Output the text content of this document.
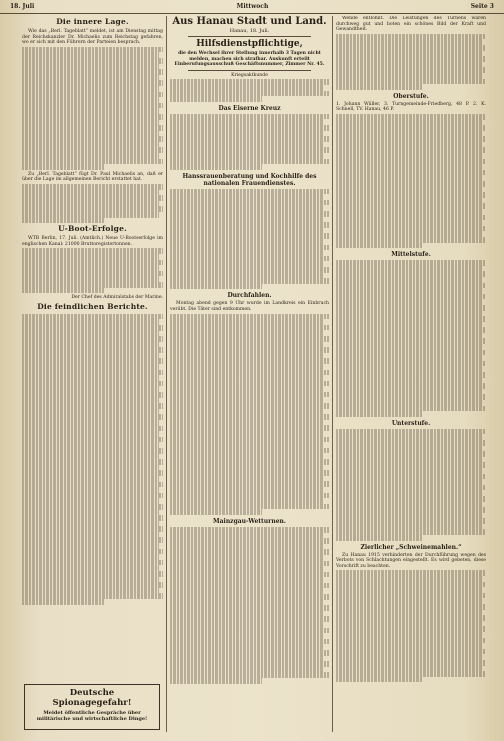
18. Juli	Mittwoch	Seite 3
Die innere Lage.

Wie das „Berl. Tageblatt“ meldet, ist am Dienstag mittag der Reichskanzler Dr. Michaelis zum Reichstag gefahren, wo er sich mit den Führern der Parteien besprach.

Zu „Berl. Tageblatt“ fügt Dr. Paul Michaelis an, daß er über die Lage im allgemeinen Bericht erstattet hat.

U-Boot-Erfolge.

WTB Berlin, 17. Juli. (Amtlich.) Neue U-Bootserfolge im englischen Kanal: 21000 Bruttoregistertonnen.

Der Chef des Admiralstabs der Marine.

Die feindlichen Berichte.
Deutsche Spionagegefahr!
Meidet öffentliche Gespräche über militärische und wirtschaftliche Dinge!
Aus Hanau Stadt und Land.
Hanau, 18. Juli.
Hilfsdienstpflichtige,

die den Wechsel ihrer Stellung innerhalb 3 Tagen nicht melden, machen sich strafbar. Auskunft erteilt Einberufungsausschuß Geschäftsnummer, Zimmer Nr. 45.

Kriegsaktkunde
Das Eiserne Kreuz
Hanssrauenberatung und Kochhilfe des nationalen Frauendienstes.
Durchfahlen.

Montag abend gegen 9 Uhr wurde im Landkreis ein Einbruch verübt. Die Täter sind entkommen.

Mainzgau-Wetturnen.

Wende entlohnt. Die Leistungen des Turnens waren durchweg gut und boten ein schönes Bild der Kraft und Gewandtheit.

Oberstufe.

1. Johann Wüller, 3. Turngemeinde-Friedberg, 48 P. 2. K. Schnell, TV. Hanau, 46 P.

Mittelstufe.
Unterstufe.
Zierlicher „Schweinemahlen.“

Zu Hanau 1915 verhinderten der Durchführung wegen des Verbots von Schlachtungen eingestellt. Es wird gebeten, diese Vorschrift zu beachten.
